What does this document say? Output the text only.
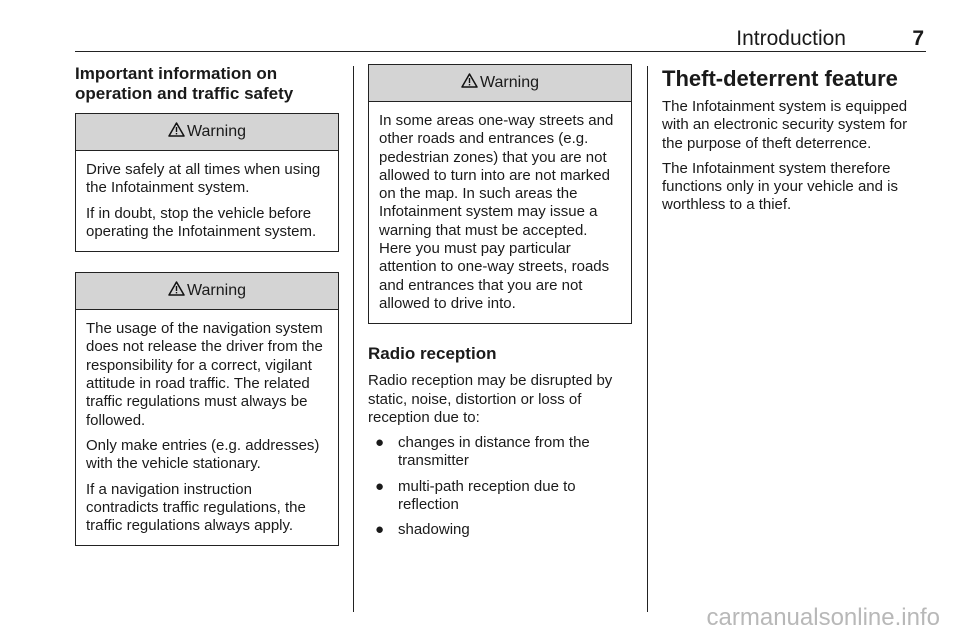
Introduction	7
Important information on operation and traffic safety
Warning

Drive safely at all times when using the Infotainment system.

If in doubt, stop the vehicle before operating the Infotainment system.

Warning

The usage of the navigation system does not release the driver from the responsibility for a correct, vigilant attitude in road traffic. The related traffic regulations must always be followed.

Only make entries (e.g. addresses) with the vehicle stationary.

If a navigation instruction contradicts traffic regulations, the traffic regulations always apply.

Warning

In some areas one-way streets and other roads and entrances (e.g. pedestrian zones) that you are not allowed to turn into are not marked on the map. In such areas the Infotainment system may issue a warning that must be accepted. Here you must pay particular attention to one-way streets, roads and entrances that you are not allowed to drive into.

Radio reception

Radio reception may be disrupted by static, noise, distortion or loss of reception due to:

● changes in distance from the transmitter
● multi-path reception due to reflection
● shadowing
Theft-deterrent feature

The Infotainment system is equipped with an electronic security system for the purpose of theft deterrence.

The Infotainment system therefore functions only in your vehicle and is worthless to a thief.

carmanualsonline.info
